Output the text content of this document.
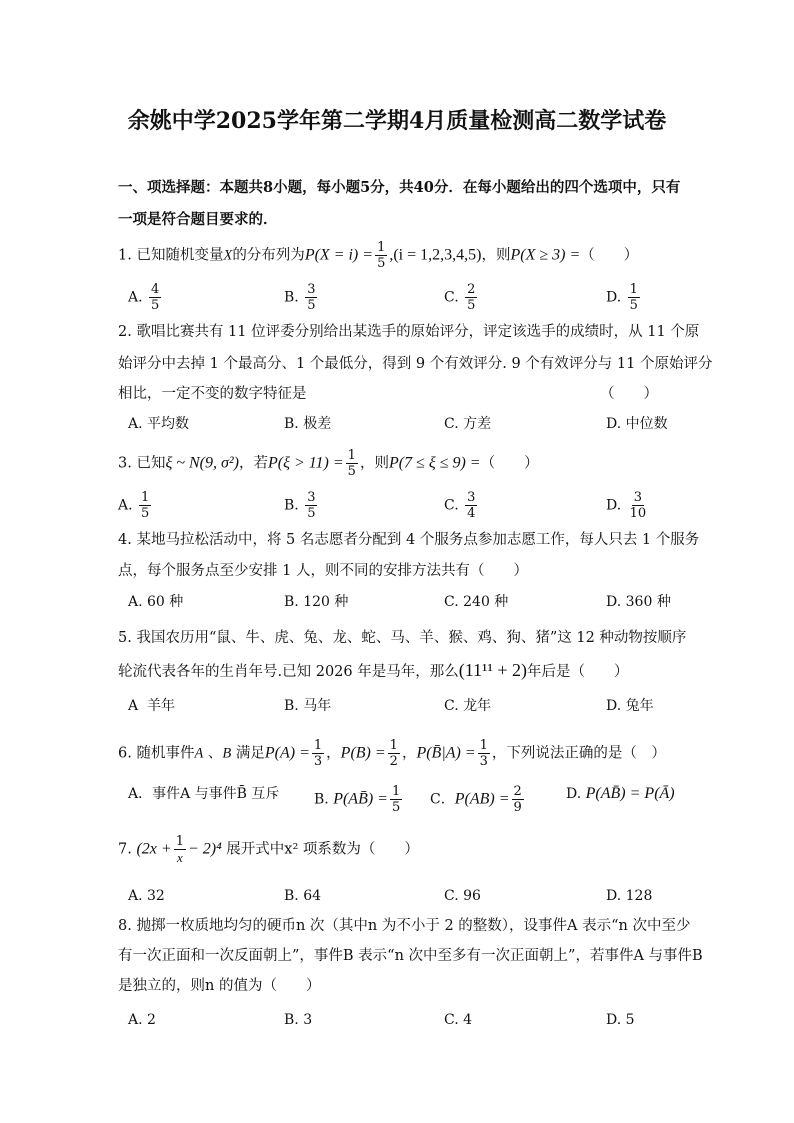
余姚中学2025学年第二学期4月质量检测高二数学试卷
一、项选择题：本题共8小题，每小题5分，共40分．在每小题给出的四个选项中，只有
一项是符合题目要求的．
1. 已知随机变量X的分布列为$P(X = i) = \frac{1}{5} ,(i = 1,2,3,4,5)$，则P(X ≥ 3) =（　　）
A. $\frac{4}{5}$	B. $\frac{3}{5}$	C. $\frac{2}{5}$	D. $\frac{1}{5}$
2. 歌唱比赛共有 11 位评委分别给出某选手的原始评分，评定该选手的成绩时，从 11 个原
始评分中去掉 1 个最高分、1 个最低分，得到 9 个有效评分. 9 个有效评分与 11 个原始评分
相比，一定不变的数字特征是	（　　）
A. 平均数	B. 极差	C. 方差	D. 中位数
3. 已知ξ ~ N(9, σ²)，若$P(\xi > 11) = \frac{1}{5}$ ，则P(7 ≤ ξ ≤ 9) =（　　）
A. $\frac{1}{5}$	B. $\frac{3}{5}$	C. $\frac{3}{4}$	D. $\frac{3}{10}$
4. 某地马拉松活动中，将 5 名志愿者分配到 4 个服务点参加志愿工作，每人只去 1 个服务
点，每个服务点至少安排 1 人，则不同的安排方法共有（　　）
A. 60 种	B. 120 种	C. 240 种	D. 360 种
5. 我国农历用“鼠、牛、虎、兔、龙、蛇、马、羊、猴、鸡、狗、猪”这 12 种动物按顺序
轮流代表各年的生肖年号.已知 2026 年是马年，那么(11¹¹ + 2)年后是（　　）
A 羊年	B. 马年	C. 龙年	D. 兔年
6. 随机事件A 、B 满足$P(A) = \frac{1}{3}$ ，$P(B) = \frac{1}{2}$ ，P(B̄|A) = $\frac{1}{3}$ ，下列说法正确的是（　）
A．事件A 与事件B̄ 互斥 B. P(AB̄) = $\frac{1}{5}$ C．$P(AB) = \frac{2}{9}$	D. P(AB̄) = P(Ā)
7. $(2x + \frac{1}{x} - 2)^4$ 展开式中x² 项系数为（　　）
A. 32	B. 64	C. 96	D. 128
8. 抛掷一枚质地均匀的硬币n 次（其中n 为不小于 2 的整数），设事件A 表示“n 次中至少
有一次正面和一次反面朝上”，事件B 表示“n 次中至多有一次正面朝上”，若事件A 与事件B
是独立的，则n 的值为（　　）
A. 2	B. 3	C. 4	D. 5
